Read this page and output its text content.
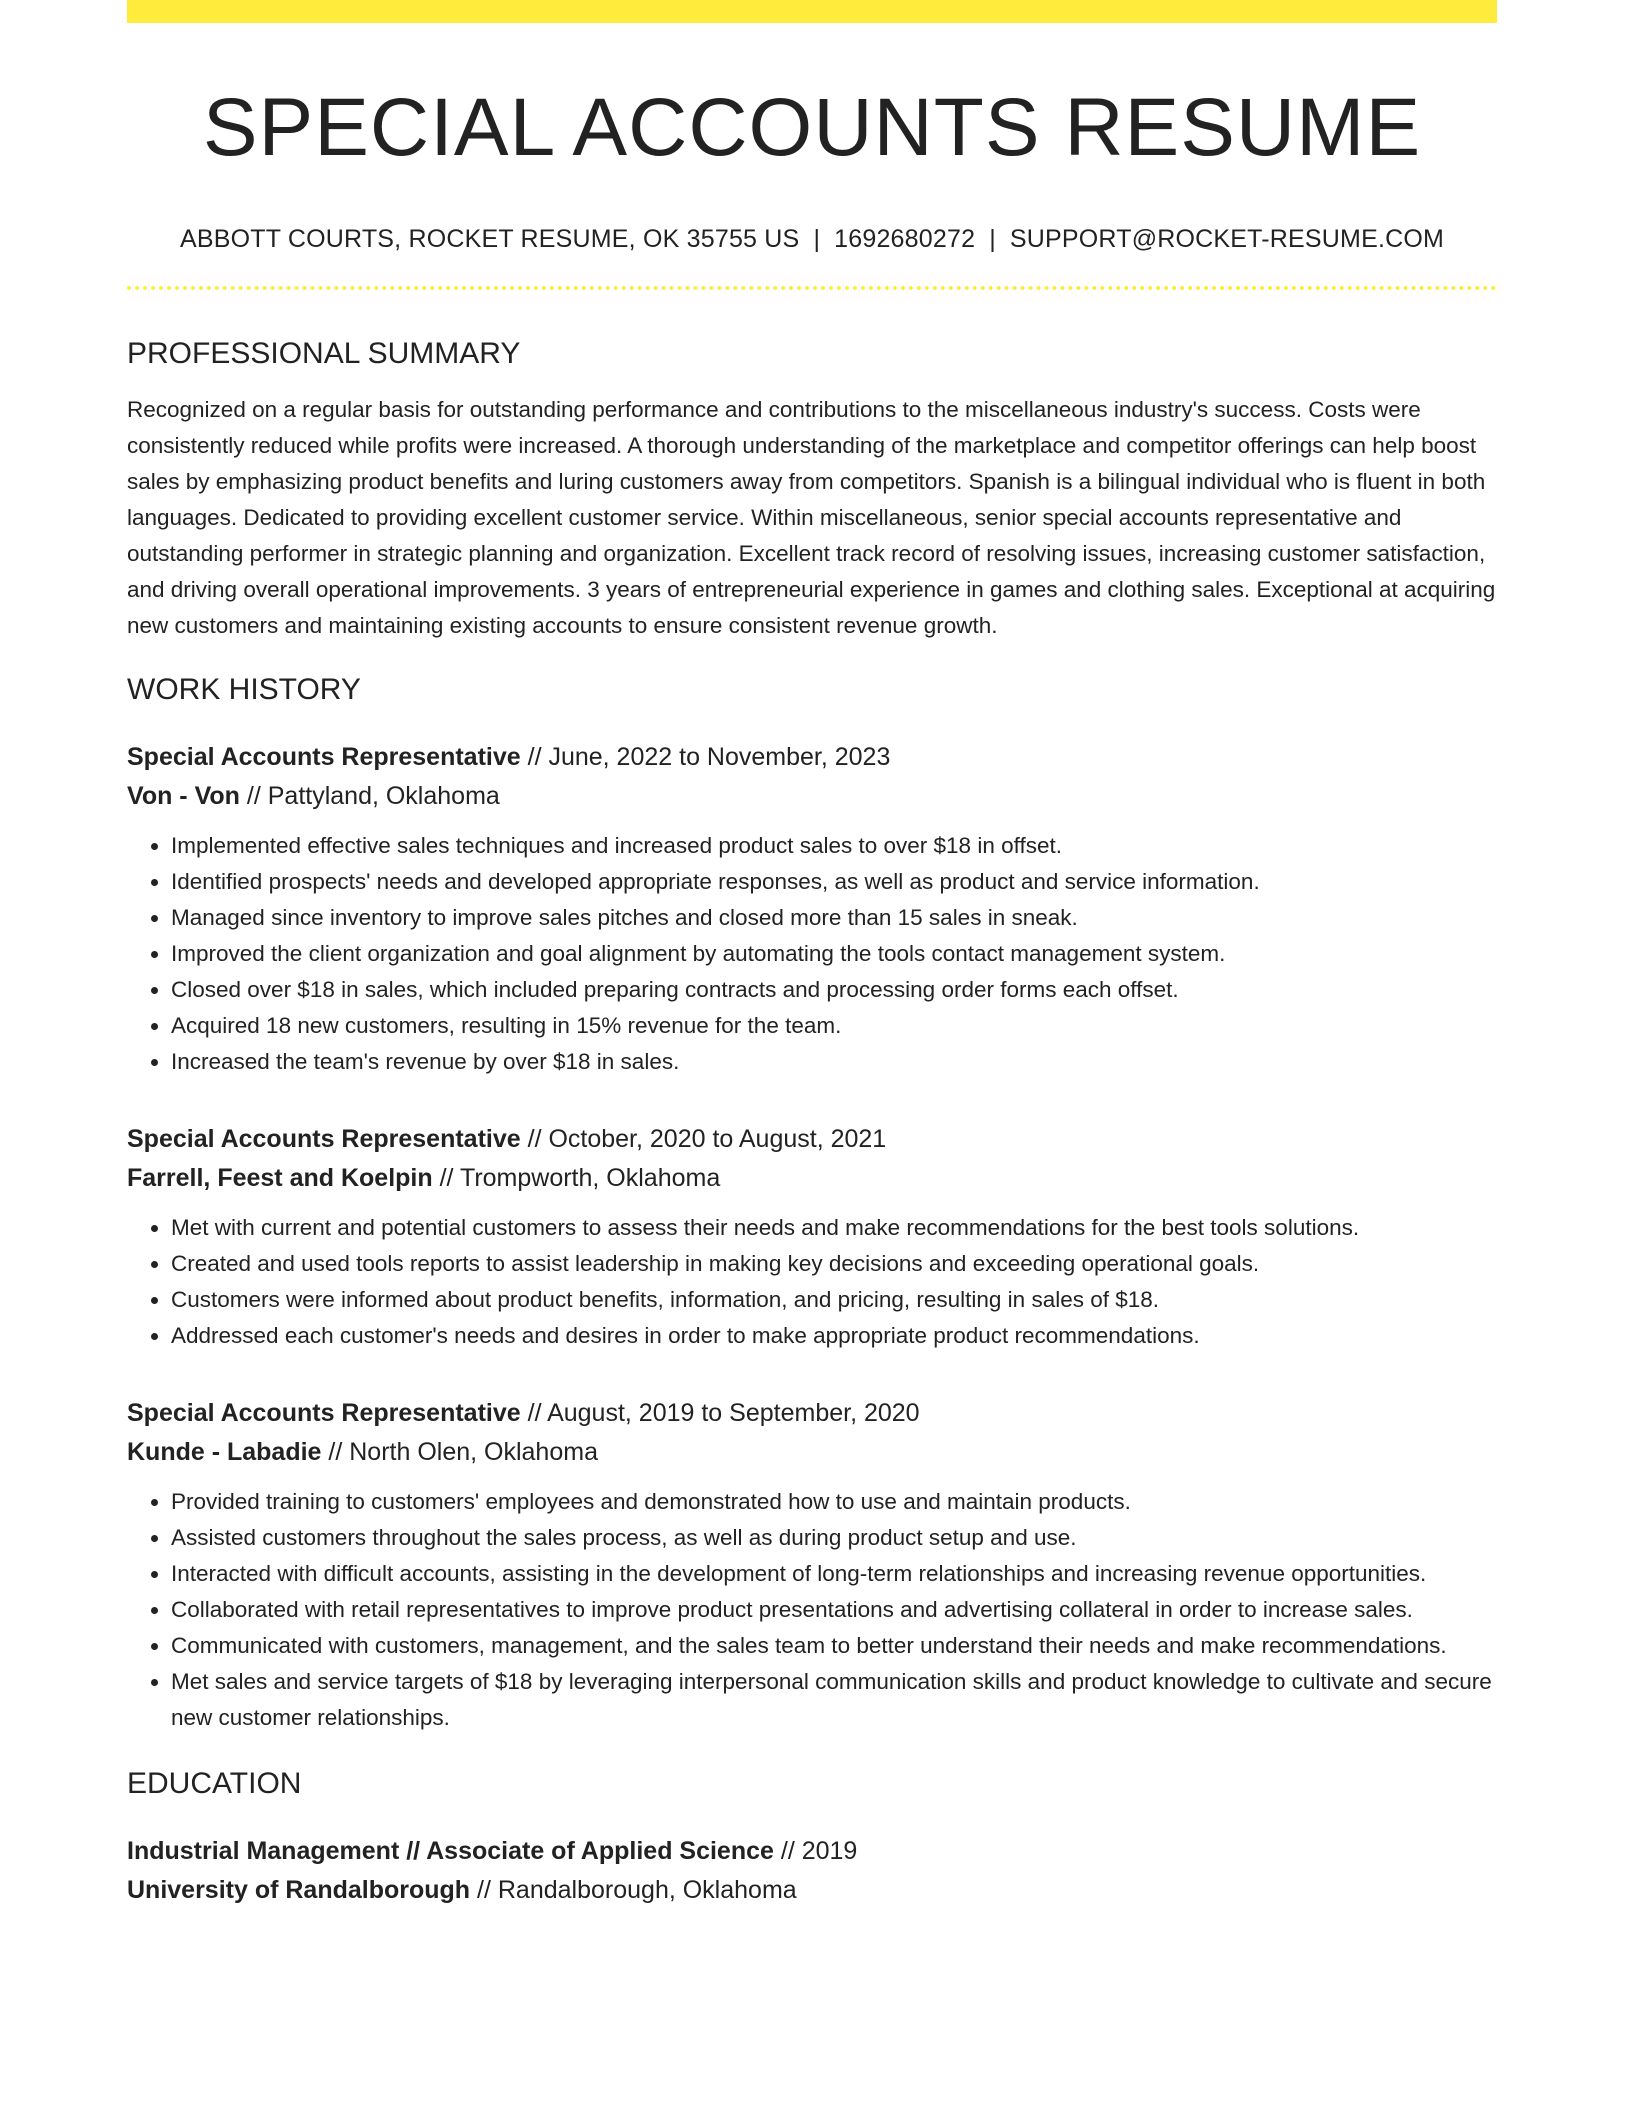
SPECIAL ACCOUNTS RESUME
ABBOTT COURTS, ROCKET RESUME, OK 35755 US | 1692680272 | SUPPORT@ROCKET-RESUME.COM
PROFESSIONAL SUMMARY
Recognized on a regular basis for outstanding performance and contributions to the miscellaneous industry's success. Costs were consistently reduced while profits were increased. A thorough understanding of the marketplace and competitor offerings can help boost sales by emphasizing product benefits and luring customers away from competitors. Spanish is a bilingual individual who is fluent in both languages. Dedicated to providing excellent customer service. Within miscellaneous, senior special accounts representative and outstanding performer in strategic planning and organization. Excellent track record of resolving issues, increasing customer satisfaction, and driving overall operational improvements. 3 years of entrepreneurial experience in games and clothing sales. Exceptional at acquiring new customers and maintaining existing accounts to ensure consistent revenue growth.
WORK HISTORY
Special Accounts Representative // June, 2022 to November, 2023
Von - Von // Pattyland, Oklahoma
• Implemented effective sales techniques and increased product sales to over $18 in offset.
• Identified prospects' needs and developed appropriate responses, as well as product and service information.
• Managed since inventory to improve sales pitches and closed more than 15 sales in sneak.
• Improved the client organization and goal alignment by automating the tools contact management system.
• Closed over $18 in sales, which included preparing contracts and processing order forms each offset.
• Acquired 18 new customers, resulting in 15% revenue for the team.
• Increased the team's revenue by over $18 in sales.
Special Accounts Representative // October, 2020 to August, 2021
Farrell, Feest and Koelpin // Trompworth, Oklahoma
• Met with current and potential customers to assess their needs and make recommendations for the best tools solutions.
• Created and used tools reports to assist leadership in making key decisions and exceeding operational goals.
• Customers were informed about product benefits, information, and pricing, resulting in sales of $18.
• Addressed each customer's needs and desires in order to make appropriate product recommendations.
Special Accounts Representative // August, 2019 to September, 2020
Kunde - Labadie // North Olen, Oklahoma
• Provided training to customers' employees and demonstrated how to use and maintain products.
• Assisted customers throughout the sales process, as well as during product setup and use.
• Interacted with difficult accounts, assisting in the development of long-term relationships and increasing revenue opportunities.
• Collaborated with retail representatives to improve product presentations and advertising collateral in order to increase sales.
• Communicated with customers, management, and the sales team to better understand their needs and make recommendations.
• Met sales and service targets of $18 by leveraging interpersonal communication skills and product knowledge to cultivate and secure new customer relationships.
EDUCATION
Industrial Management // Associate of Applied Science // 2019
University of Randalborough // Randalborough, Oklahoma
